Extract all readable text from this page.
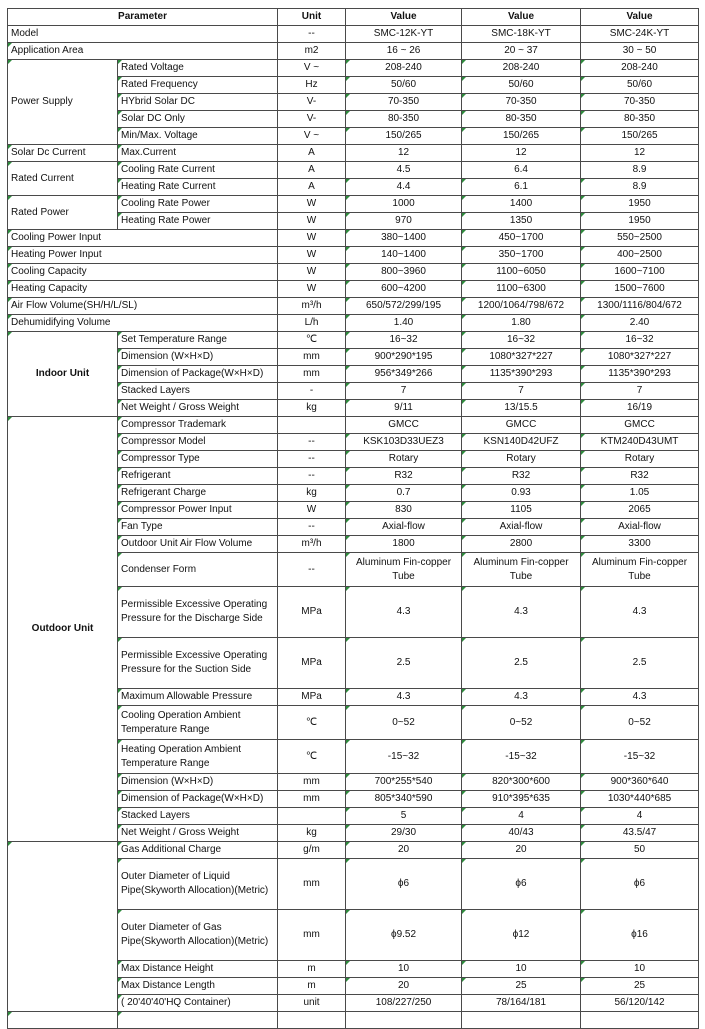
Parameter		Unit	Value	Value	Value
Model		--	SMC-12K-YT	SMC-18K-YT	SMC-24K-YT
Application Area		m2	16 ~ 26	20 ~ 37	30 ~ 50
Power Supply	Rated Voltage	V ~	208-240	208-240	208-240
	Rated Frequency	Hz	50/60	50/60	50/60
	HYbrid Solar DC	V-	70-350	70-350	70-350
	Solar DC Only	V-	80-350	80-350	80-350
	Min/Max. Voltage	V ~	150/265	150/265	150/265
Solar Dc Current	Max.Current	A	12	12	12
Rated Current	Cooling Rate Current	A	4.5	6.4	8.9
	Heating Rate Current	A	4.4	6.1	8.9
Rated Power	Cooling Rate Power	W	1000	1400	1950
	Heating Rate Power	W	970	1350	1950
Cooling Power Input		W	380~1400	450~1700	550~2500
Heating Power Input		W	140~1400	350~1700	400~2500
Cooling Capacity		W	800~3960	1100~6050	1600~7100
Heating Capacity		W	600~4200	1100~6300	1500~7600
Air Flow Volume(SH/H/L/SL)		m³/h	650/572/299/195	1200/1064/798/672	1300/1116/804/672
Dehumidifying Volume		L/h	1.40	1.80	2.40
Indoor Unit	Set Temperature Range	℃	16~32	16~32	16~32
	Dimension (W×H×D)	mm	900*290*195	1080*327*227	1080*327*227
	Dimension of Package(W×H×D)	mm	956*349*266	1135*390*293	1135*390*293
	Stacked Layers	-	7	7	7
	Net Weight / Gross Weight	kg	9/11	13/15.5	16/19
Outdoor Unit	Compressor Trademark		GMCC	GMCC	GMCC
	Compressor Model	--	KSK103D33UEZ3	KSN140D42UFZ	KTM240D43UMT
	Compressor Type	--	Rotary	Rotary	Rotary
	Refrigerant	--	R32	R32	R32
	Refrigerant Charge	kg	0.7	0.93	1.05
	Compressor Power Input	W	830	1105	2065
	Fan Type	--	Axial-flow	Axial-flow	Axial-flow
	Outdoor Unit Air Flow Volume	m³/h	1800	2800	3300
	Condenser Form	--	Aluminum Fin-copper Tube	Aluminum Fin-copper Tube	Aluminum Fin-copper Tube
	Permissible Excessive Operating Pressure for the Discharge Side	MPa	4.3	4.3	4.3
	Permissible Excessive Operating Pressure for the Suction Side	MPa	2.5	2.5	2.5
	Maximum Allowable Pressure	MPa	4.3	4.3	4.3
	Cooling Operation Ambient Temperature Range	℃	0~52	0~52	0~52
	Heating Operation Ambient Temperature Range	℃	-15~32	-15~32	-15~32
	Dimension (W×H×D)	mm	700*255*540	820*300*600	900*360*640
	Dimension of Package(W×H×D)	mm	805*340*590	910*395*635	1030*440*685
	Stacked Layers		5	4	4
	Net Weight / Gross Weight	kg	29/30	40/43	43.5/47
	Gas Additional Charge	g/m	20	20	50
	Outer Diameter of Liquid Pipe(Skyworth Allocation)(Metric)	mm	ϕ6	ϕ6	ϕ6
	Outer Diameter of Gas Pipe(Skyworth Allocation)(Metric)	mm	ϕ9.52	ϕ12	ϕ16
	Max Distance Height	m	10	10	10
	Max Distance Length	m	20	25	25
	( 20'40'40'HQ Container)	unit	108/227/250	78/164/181	56/120/142
